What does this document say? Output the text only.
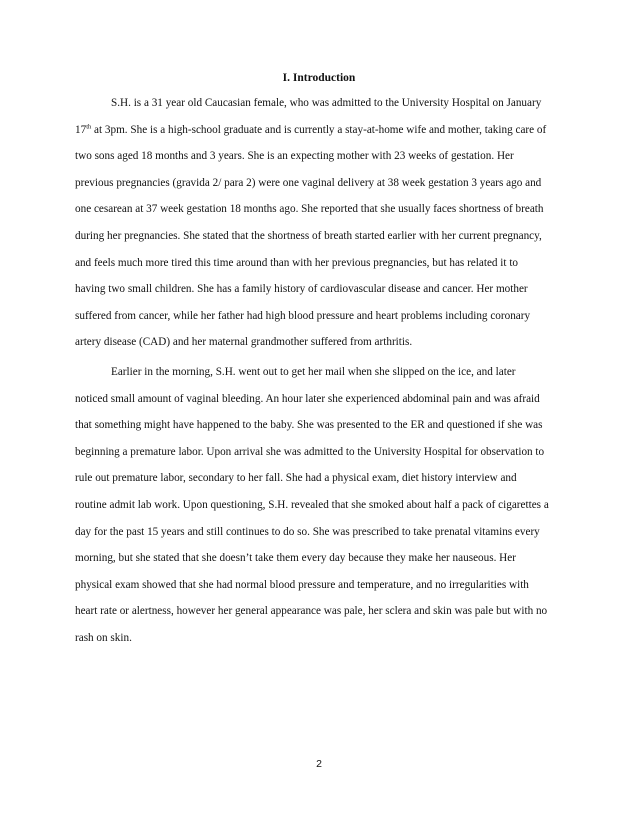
I. Introduction

S.H. is a 31 year old Caucasian female, who was admitted to the University Hospital on January
17th at 3pm. She is a high-school graduate and is currently a stay-at-home wife and mother, taking care of
two sons aged 18 months and 3 years. She is an expecting mother with 23 weeks of gestation. Her
previous pregnancies (gravida 2/ para 2) were one vaginal delivery at 38 week gestation 3 years ago and
one cesarean at 37 week gestation 18 months ago. She reported that she usually faces shortness of breath
during her pregnancies. She stated that the shortness of breath started earlier with her current pregnancy,
and feels much more tired this time around than with her previous pregnancies, but has related it to
having two small children. She has a family history of cardiovascular disease and cancer. Her mother
suffered from cancer, while her father had high blood pressure and heart problems including coronary
artery disease (CAD) and her maternal grandmother suffered from arthritis.

Earlier in the morning, S.H. went out to get her mail when she slipped on the ice, and later
noticed small amount of vaginal bleeding. An hour later she experienced abdominal pain and was afraid
that something might have happened to the baby. She was presented to the ER and questioned if she was
beginning a premature labor. Upon arrival she was admitted to the University Hospital for observation to
rule out premature labor, secondary to her fall. She had a physical exam, diet history interview and
routine admit lab work. Upon questioning, S.H. revealed that she smoked about half a pack of cigarettes a
day for the past 15 years and still continues to do so. She was prescribed to take prenatal vitamins every
morning, but she stated that she doesn’t take them every day because they make her nauseous. Her
physical exam showed that she had normal blood pressure and temperature, and no irregularities with
heart rate or alertness, however her general appearance was pale, her sclera and skin was pale but with no
rash on skin.

2
